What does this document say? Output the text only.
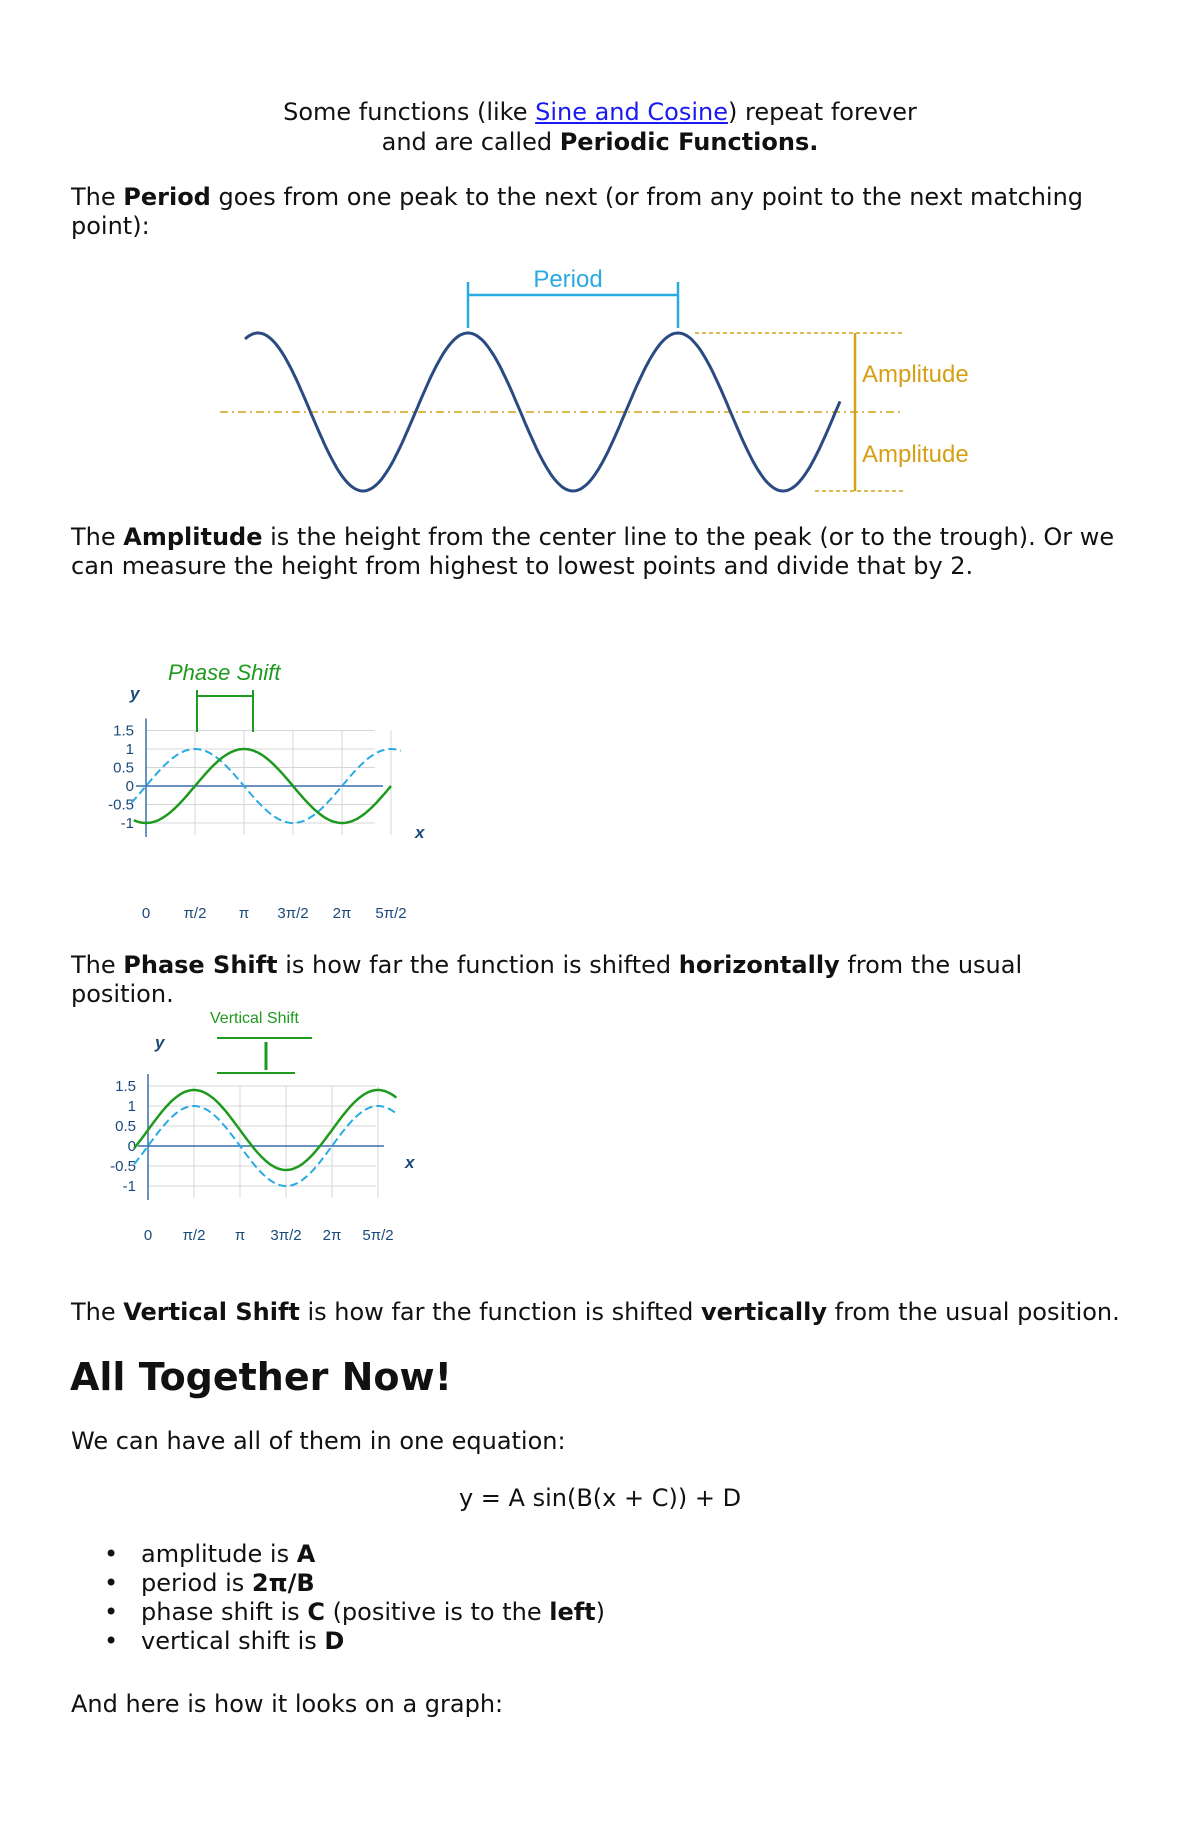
Some functions (like Sine and Cosine) repeat forever

and are called Periodic Functions.

The Period goes from one peak to the next (or from any point to the next matching point):

Period
Amplitude
Amplitude

The Amplitude is the height from the center line to the peak (or to the trough). Or we can measure the height from highest to lowest points and divide that by 2.

1.5
1
0.5
0
-0.5
-1
0 π/2 π 3π/2 2π 5π/2
Phase Shift
y
x

The Phase Shift is how far the function is shifted horizontally from the usual position.

1.5
1
0.5
0
-0.5
-1
0 π/2 π 3π/2 2π 5π/2
Vertical Shift
y
x

The Vertical Shift is how far the function is shifted vertically from the usual position.

All Together Now!

We can have all of them in one equation:

y = A sin(B(x + C)) + D

• amplitude is A
• period is 2π/B
• phase shift is C (positive is to the left)
• vertical shift is D

And here is how it looks on a graph:
